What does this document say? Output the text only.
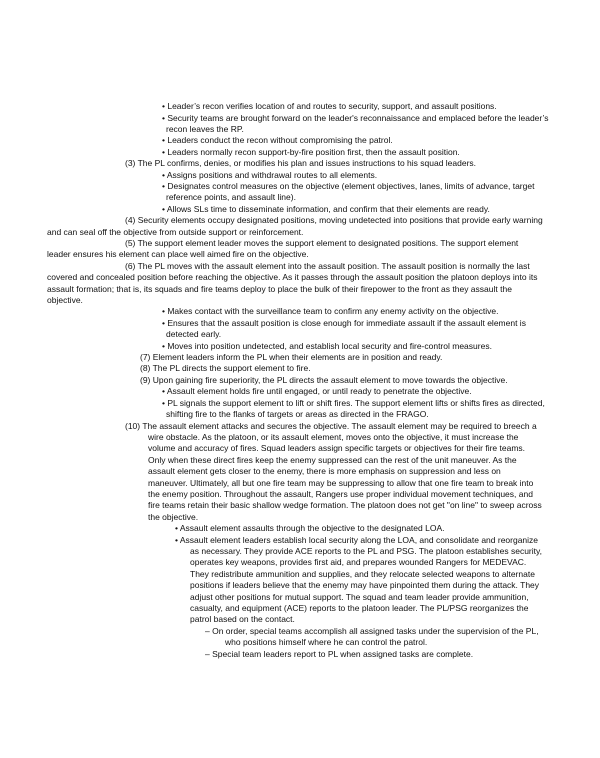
• Leader’s recon verifies location of and routes to security, support, and assault positions.

• Security teams are brought forward on the leader's reconnaissance and emplaced before the leader’s

recon leaves the RP.

• Leaders conduct the recon without compromising the patrol.

• Leaders normally recon support-by-fire position first, then the assault position.

(3) The PL confirms, denies, or modifies his plan and issues instructions to his squad leaders.

• Assigns positions and withdrawal routes to all elements.

• Designates control measures on the objective (element objectives, lanes, limits of advance, target

reference points, and assault line).

• Allows SLs time to disseminate information, and confirm that their elements are ready.

(4) Security elements occupy designated positions, moving undetected into positions that provide early warning

and can seal off the objective from outside support or reinforcement.

(5) The support element leader moves the support element to designated positions. The support element

leader ensures his element can place well aimed fire on the objective.

(6) The PL moves with the assault element into the assault position. The assault position is normally the last

covered and concealed position before reaching the objective. As it passes through the assault position the platoon deploys into its

assault formation; that is, its squads and fire teams deploy to place the bulk of their firepower to the front as they assault the

objective.

• Makes contact with the surveillance team to confirm any enemy activity on the objective.

• Ensures that the assault position is close enough for immediate assault if the assault element is

detected early.

• Moves into position undetected, and establish local security and fire-control measures.

(7) Element leaders inform the PL when their elements are in position and ready.

(8) The PL directs the support element to fire.

(9) Upon gaining fire superiority, the PL directs the assault element to move towards the objective.

• Assault element holds fire until engaged, or until ready to penetrate the objective.

• PL signals the support element to lift or shift fires. The support element lifts or shifts fires as directed,

shifting fire to the flanks of targets or areas as directed in the FRAGO.

(10) The assault element attacks and secures the objective. The assault element may be required to breech a

wire obstacle. As the platoon, or its assault element, moves onto the objective, it must increase the

volume and accuracy of fires. Squad leaders assign specific targets or objectives for their fire teams.

Only when these direct fires keep the enemy suppressed can the rest of the unit maneuver. As the

assault element gets closer to the enemy, there is more emphasis on suppression and less on

maneuver. Ultimately, all but one fire team may be suppressing to allow that one fire team to break into

the enemy position. Throughout the assault, Rangers use proper individual movement techniques, and

fire teams retain their basic shallow wedge formation. The platoon does not get "on line" to sweep across

the objective.

• Assault element assaults through the objective to the designated LOA.

• Assault element leaders establish local security along the LOA, and consolidate and reorganize

as necessary. They provide ACE reports to the PL and PSG. The platoon establishes security,

operates key weapons, provides first aid, and prepares wounded Rangers for MEDEVAC.

They redistribute ammunition and supplies, and they relocate selected weapons to alternate

positions if leaders believe that the enemy may have pinpointed them during the attack. They

adjust other positions for mutual support. The squad and team leader provide ammunition,

casualty, and equipment (ACE) reports to the platoon leader. The PL/PSG reorganizes the

patrol based on the contact.

– On order, special teams accomplish all assigned tasks under the supervision of the PL,

who positions himself where he can control the patrol.

– Special team leaders report to PL when assigned tasks are complete.
